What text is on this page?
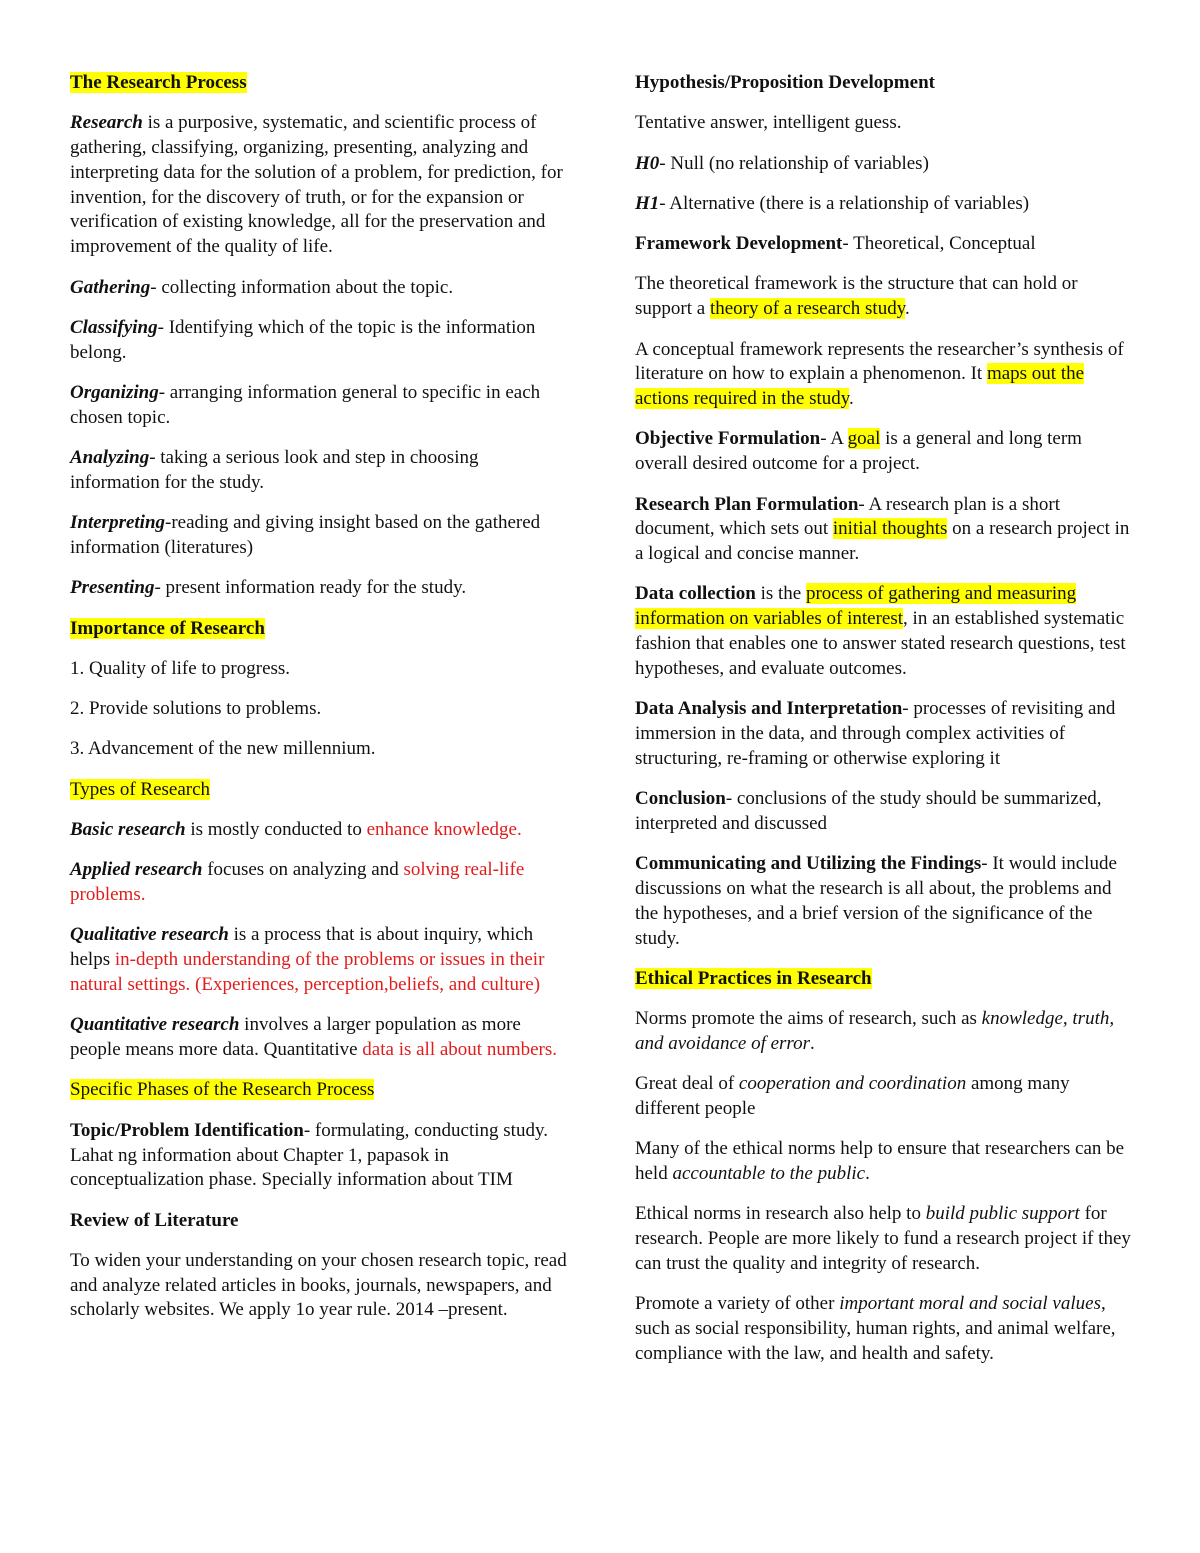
The Research Process

Research is a purposive, systematic, and scientific process of gathering, classifying, organizing, presenting, analyzing and interpreting data for the solution of a problem, for prediction, for invention, for the discovery of truth, or for the expansion or verification of existing knowledge, all for the preservation and improvement of the quality of life.

Gathering- collecting information about the topic.

Classifying- Identifying which of the topic is the information belong.

Organizing- arranging information general to specific in each chosen topic.

Analyzing- taking a serious look and step in choosing information for the study.

Interpreting-reading and giving insight based on the gathered information (literatures)

Presenting- present information ready for the study.

Importance of Research

1. Quality of life to progress.

2. Provide solutions to problems.

3. Advancement of the new millennium.

Types of Research

Basic research is mostly conducted to enhance knowledge.

Applied research focuses on analyzing and solving real-life problems.

Qualitative research is a process that is about inquiry, which helps in-depth understanding of the problems or issues in their natural settings. (Experiences, perception,beliefs, and culture)

Quantitative research involves a larger population as more people means more data. Quantitative data is all about numbers.

Specific Phases of the Research Process

Topic/Problem Identification- formulating, conducting study. Lahat ng information about Chapter 1, papasok in conceptualization phase. Specially information about TIM

Review of Literature

To widen your understanding on your chosen research topic, read and analyze related articles in books, journals, newspapers, and scholarly websites. We apply 1o year rule. 2014 –present.

Hypothesis/Proposition Development

Tentative answer, intelligent guess.

H0- Null (no relationship of variables)

H1- Alternative (there is a relationship of variables)

Framework Development- Theoretical, Conceptual

The theoretical framework is the structure that can hold or support a theory of a research study.

A conceptual framework represents the researcher’s synthesis of literature on how to explain a phenomenon. It maps out the actions required in the study.

Objective Formulation- A goal is a general and long term overall desired outcome for a project.

Research Plan Formulation- A research plan is a short document, which sets out initial thoughts on a research project in a logical and concise manner.

Data collection is the process of gathering and measuring information on variables of interest, in an established systematic fashion that enables one to answer stated research questions, test hypotheses, and evaluate outcomes.

Data Analysis and Interpretation- processes of revisiting and immersion in the data, and through complex activities of structuring, re-framing or otherwise exploring it

Conclusion- conclusions of the study should be summarized, interpreted and discussed

Communicating and Utilizing the Findings- It would include discussions on what the research is all about, the problems and the hypotheses, and a brief version of the significance of the study.

Ethical Practices in Research

Norms promote the aims of research, such as knowledge, truth, and avoidance of error.

Great deal of cooperation and coordination among many different people

Many of the ethical norms help to ensure that researchers can be held accountable to the public.

Ethical norms in research also help to build public support for research. People are more likely to fund a research project if they can trust the quality and integrity of research.

Promote a variety of other important moral and social values, such as social responsibility, human rights, and animal welfare, compliance with the law, and health and safety.
